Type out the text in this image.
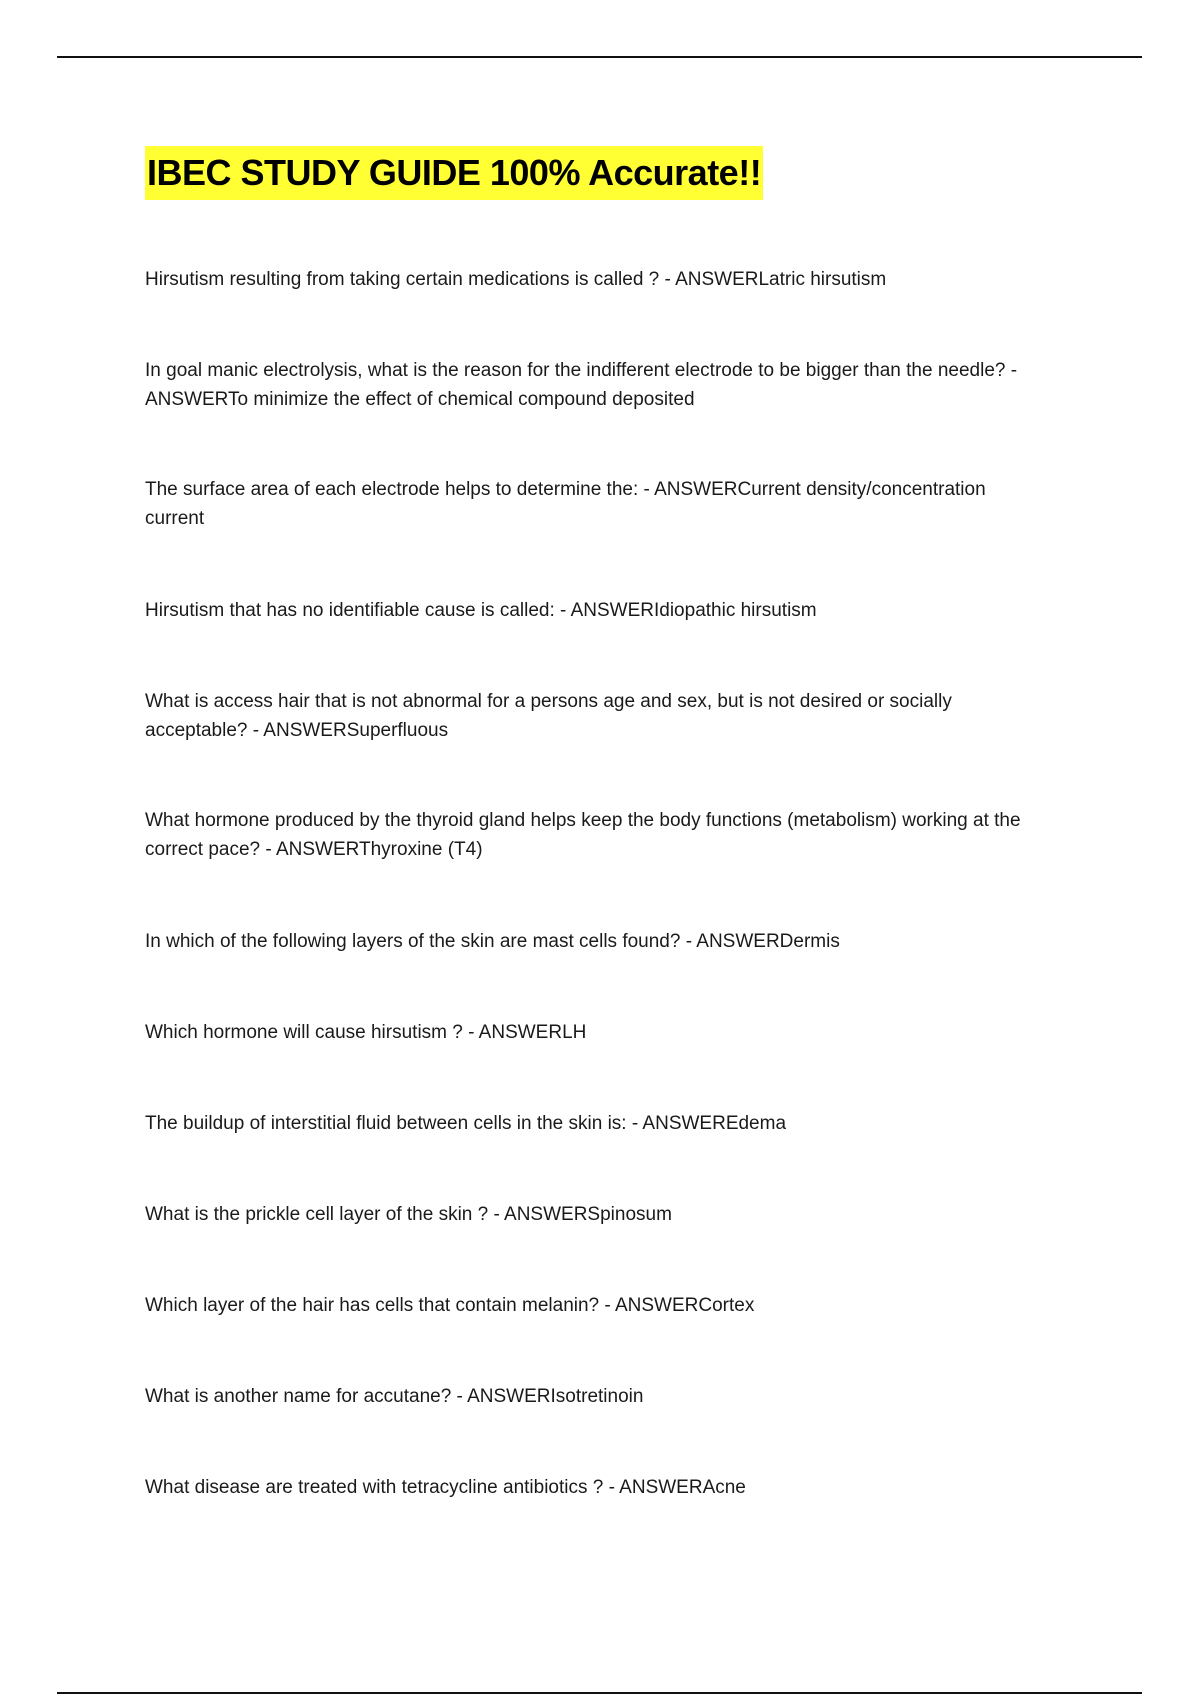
IBEC STUDY GUIDE 100% Accurate!!

Hirsutism resulting from taking certain medications is called ? - ANSWERLatric hirsutism

In goal manic electrolysis, what is the reason for the indifferent electrode to be bigger than the needle? - ANSWERTo minimize the effect of chemical compound deposited

The surface area of each electrode helps to determine the: - ANSWERCurrent density/concentration current

Hirsutism that has no identifiable cause is called: - ANSWERIdiopathic hirsutism

What is access hair that is not abnormal for a persons age and sex, but is not desired or socially acceptable? - ANSWERSuperfluous

What hormone produced by the thyroid gland helps keep the body functions (metabolism) working at the correct pace? - ANSWERThyroxine (T4)

In which of the following layers of the skin are mast cells found? - ANSWERDermis

Which hormone will cause hirsutism ? - ANSWERLH

The buildup of interstitial fluid between cells in the skin is: - ANSWEREdema

What is the prickle cell layer of the skin ? - ANSWERSpinosum

Which layer of the hair has cells that contain melanin? - ANSWERCortex

What is another name for accutane? - ANSWERIsotretinoin

What disease are treated with tetracycline antibiotics ? - ANSWERAcne
